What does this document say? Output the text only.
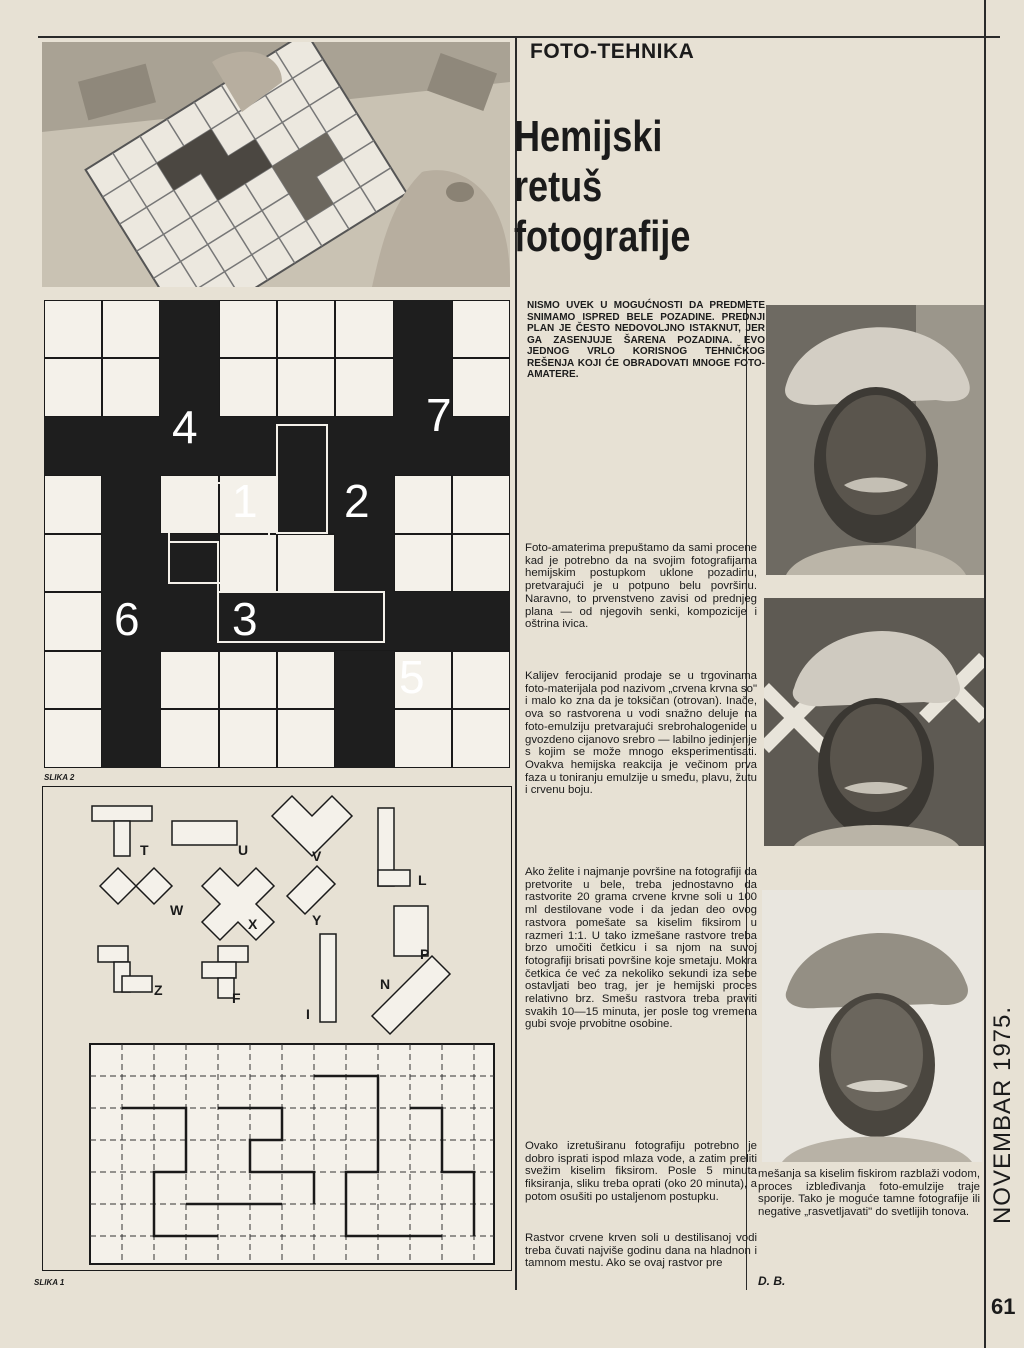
FOTO-TEHNIKA
Hemijski
retuš
fotografije
NISMO UVEK U MOGUĆNOSTI DA PREDMETE SNIMAMO ISPRED BELE POZADINE. PREDNJI PLAN JE ČESTO NEDOVOLJNO ISTAKNUT, JER GA ZASENJUJE ŠARENA POZADINA. EVO JEDNOG VRLO KORISNOG TEHNIČKOG REŠENJA KOJI ĆE OBRADOVATI MNOGE FOTO-AMATERE.
4	7
1 2
6 3
5
SLIKA 2
T	U	V
L
W
X	Y
P
Z	F
N
I
SLIKA 1
Foto-amaterima prepuštamo da sami procene kad je potrebno da na svojim fotografijama hemijskim postupkom uklone pozadinu, pretvarajući je u potpuno belu površinu. Naravno, to prvenstveno zavisi od prednjeg plana — od njegovih senki, kompozicije i oštrina ivica.
Kalijev ferocijanid prodaje se u trgovinama foto-materijala pod nazivom „crvena krvna so" i malo ko zna da je toksičan (otrovan). Inače, ova so rastvorena u vodi snažno deluje na foto-emulziju pretvarajući srebrohalogenide u gvozdeno cijanovo srebro — labilno jedinjenje s kojim se može mnogo eksperimentisati. Ovakva hemijska reakcija je večinom prva faza u toniranju emulzije u smeđu, plavu, žutu i crvenu boju.
Ako želite i najmanje površine na fotografiji da pretvorite u bele, treba jednostavno da rastvorite 20 grama crvene krvne soli u 100 ml destilovane vode i da jedan deo ovog rastvora pomešate sa kiselim fiksirom u razmeri 1:1. U tako izmešane rastvore treba brzo umočiti četkicu i sa njom na suvoj fotografiji brisati površine koje smetaju. Mokra četkica će već za nekoliko sekundi iza sebe ostavljati beo trag, jer je hemijski proces relativno brz. Smešu rastvora treba praviti svakih 10—15 minuta, jer posle tog vremena gubi svoje prvobitne osobine.
Ovako izretuširanu fotografiju potrebno je dobro isprati ispod mlaza vode, a zatim preliti svežim kiselim fiksirom. Posle 5 minuta fiksiranja, sliku treba oprati (oko 20 minuta), a potom osušiti po ustaljenom postupku.
Rastvor crvene krven soli u destilisanoj vodi treba čuvati najviše godinu dana na hladnon i tamnom mestu. Ako se ovaj rastvor pre
mešanja sa kiselim fiskirom razblaži vodom, proces izbleđivanja foto-emulzije traje sporije. Tako je moguće tamne fotografije ili negative „rasvetljavati" do svetlijih tonova.
D. B.
NOVEMBAR 1975.
61
